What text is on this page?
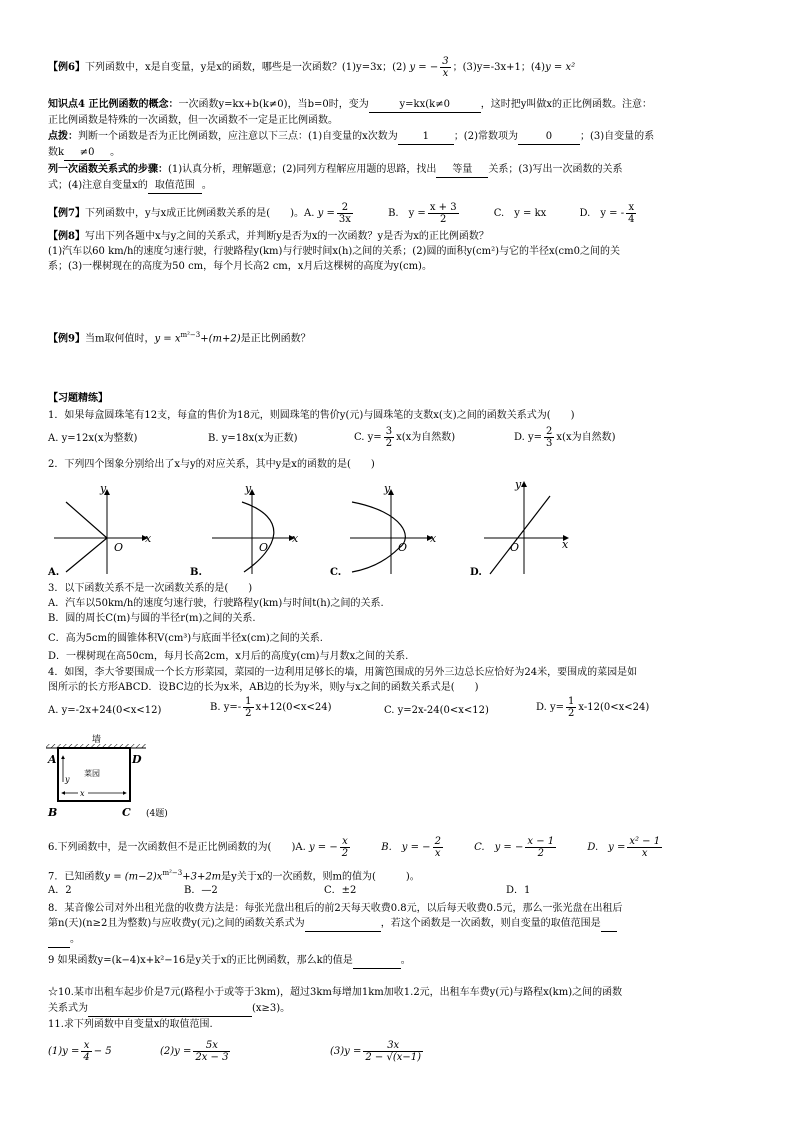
【例6】下列函数中，x是自变量，y是x的函数，哪些是一次函数？(1)y=3x；(2) y = − $\frac{3}{x}$ ；(3)y=-3x+1；(4)y = x²
知识点4 正比例函数的概念：一次函数y=kx+b(k≠0)，当b=0时，变为	y=kx(k≠0	，这时把y叫做x的正比例函数。注意：
正比例函数是特殊的一次函数，但一次函数不一定是正比例函数。
点拨：判断一个函数是否为正比例函数，应注意以下三点：(1)自变量的x次数为 1 ；(2)常数项为	0	；(3)自变量的系
数k ≠0 。
列一次函数关系式的步骤：(1)认真分析，理解题意；(2)同列方程解应用题的思路，找出 等量 关系；(3)写出一次函数的关系
式；(4)注意自变量x的 取值范围 。
【例7】下列函数中，y与x成正比例函数关系的是(　　)。A. $y = \frac{2}{3x}$	B.　$y = \frac{x + 3}{2}$	C.　y = kx	D.　y = - $\frac{x}{4}$
【例8】写出下列各题中x与y之间的关系式，并判断y是否为x的一次函数？y是否为x的正比例函数？
(1)汽车以60 km/h的速度匀速行驶，行驶路程y(km)与行驶时间x(h)之间的关系；(2)圆的面积y(cm²)与它的半径x(cm0之间的关
系；(3)一棵树现在的高度为50 cm，每个月长高2 cm，x月后这棵树的高度为y(cm)。
【例9】当m取何值时，$y = x^{m^2-3}+(m+2)$是正比例函数？
【习题精练】
1．如果每盒圆珠笔有12支，每盒的售价为18元，则圆珠笔的售价y(元)与圆珠笔的支数x(支)之间的函数关系式为(　　)
A. y=12x(x为整数)	B. y=18x(x为正数)	C. $y= \frac{3}{2} x(x$为自然数)	D. $y= \frac{2}{3} x(x$为自然数)
2．下列四个图象分别给出了x与y的对应关系，其中y是x的函数的是(　　)
y
x
O
y
x
O
y
x
O
y
x
O
A.	B.	C.	D.
3．以下函数关系不是一次函数关系的是(　　)
A．汽车以50km/h的速度匀速行驶，行驶路程y(km)与时间t(h)之间的关系.
B．圆的周长C(m)与圆的半径r(m)之间的关系.
C．高为5cm的圆锥体积V(cm³)与底面半径x(cm)之间的关系.
D．一棵树现在高50cm，每月长高2cm，x月后的高度y(cm)与月数x之间的关系.
4．如图，李大爷要围成一个长方形菜园，菜园的一边利用足够长的墙，用篱笆围成的另外三边总长应恰好为24米，要围成的菜园是如
图所示的长方形ABCD．设BC边的长为x米，AB边的长为y米，则y与x之间的函数关系式是(　　)
A. y=-2x+24(0<x<12)	B. $y=- \frac{1}{2} x+12(0<x<24)$	C. y=2x-24(0<x<12)	D. $y= \frac{1}{2} x-12(0<x<24)$
墙
A	D
B	C
菜园
y
x
(4题)
6.下列函数中，是一次函数但不是正比例函数的为(　　)A. y = − $\frac{x}{2}$	B.　y = − $\frac{2}{x}$	C.　y = − $\frac{x - 1}{2}$	D.　$y = \frac{\text{x² − 1}}{x}$
7．已知函数$y = (m-2)x^{m^2-3}+3+2m$是y关于x的一次函数，则m的值为(　　　)。
A．2	B．—2	C．±2	D．1
8．某音像公司对外出租光盘的收费方法是：每张光盘出租后的前2天每天收费0.8元，以后每天收费0.5元，那么一张光盘在出租后
第n(天)(n≥2且为整数)与应收费y(元)之间的函数关系式为	，若这个函数是一次函数，则自变量的取值范围是
。
9 如果函数y=(k−4)x+k²−16是y关于x的正比例函数，那么k的值是	。
☆10.某市出租车起步价是7元(路程小于或等于3km)，超过3km每增加1km加收1.2元，出租车车费y(元)与路程x(km)之间的函数
关系式为	(x≥3)。
11.求下列函数中自变量x的取值范围.
$(1)y = \frac{x}{4} - 5$	$(2)y = \frac{5x}{2x - 3}$	$(3)y = \frac{3x}{2 - √(x-1)}$
